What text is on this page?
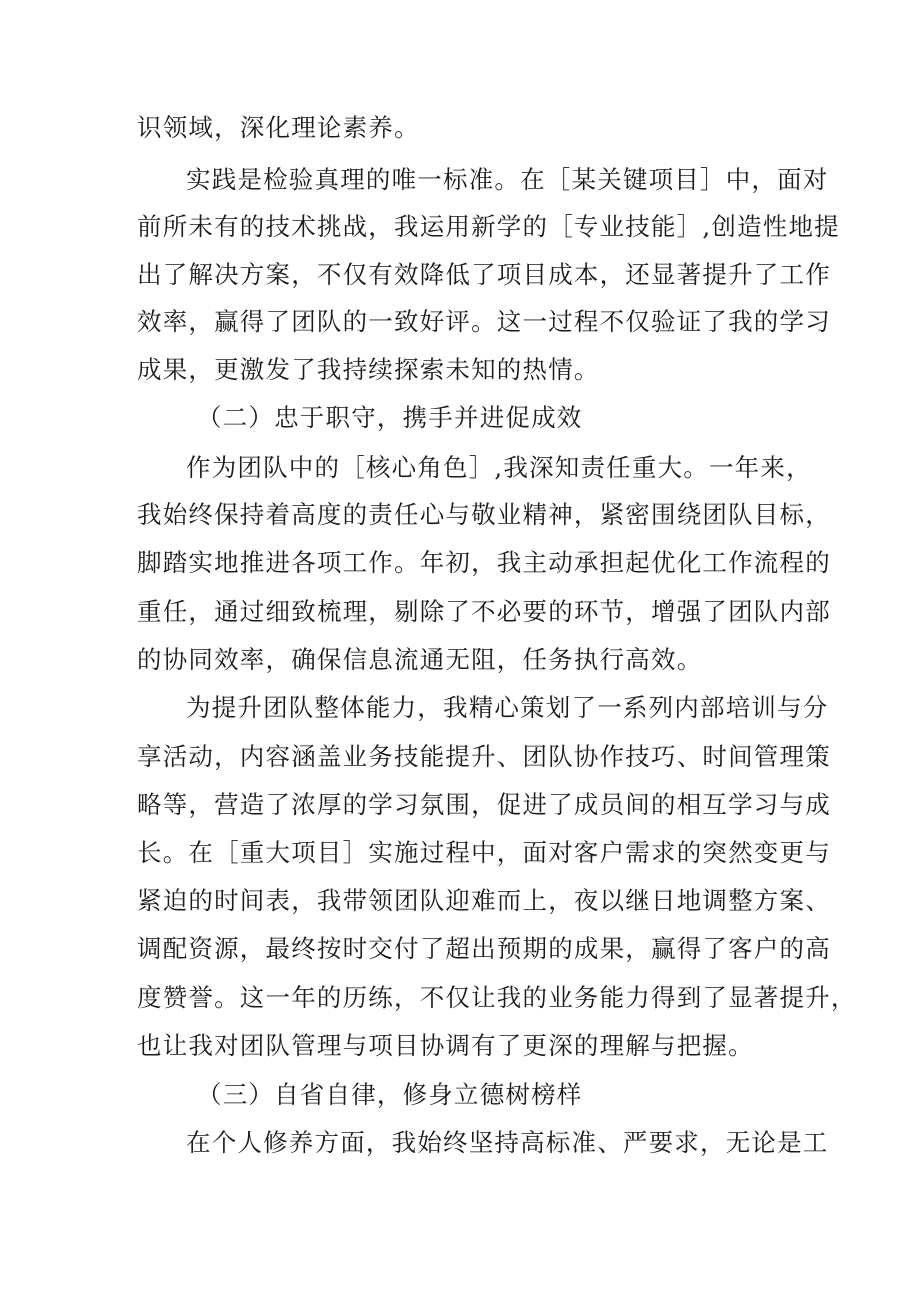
识领域，深化理论素养。
实践是检验真理的唯一标准。在［某关键项目］中，面对
前所未有的技术挑战，我运用新学的［专业技能］,创造性地提
出了解决方案，不仅有效降低了项目成本，还显著提升了工作
效率，赢得了团队的一致好评。这一过程不仅验证了我的学习
成果，更激发了我持续探索未知的热情。
（二）忠于职守，携手并进促成效
作为团队中的［核心角色］,我深知责任重大。一年来，
我始终保持着高度的责任心与敬业精神，紧密围绕团队目标，
脚踏实地推进各项工作。年初，我主动承担起优化工作流程的
重任，通过细致梳理，剔除了不必要的环节，增强了团队内部
的协同效率，确保信息流通无阻，任务执行高效。
为提升团队整体能力，我精心策划了一系列内部培训与分
享活动，内容涵盖业务技能提升、团队协作技巧、时间管理策
略等，营造了浓厚的学习氛围，促进了成员间的相互学习与成
长。在［重大项目］实施过程中，面对客户需求的突然变更与
紧迫的时间表，我带领团队迎难而上，夜以继日地调整方案、
调配资源，最终按时交付了超出预期的成果，赢得了客户的高
度赞誉。这一年的历练，不仅让我的业务能力得到了显著提升，
也让我对团队管理与项目协调有了更深的理解与把握。
（三）自省自律，修身立德树榜样
在个人修养方面，我始终坚持高标准、严要求，无论是工
